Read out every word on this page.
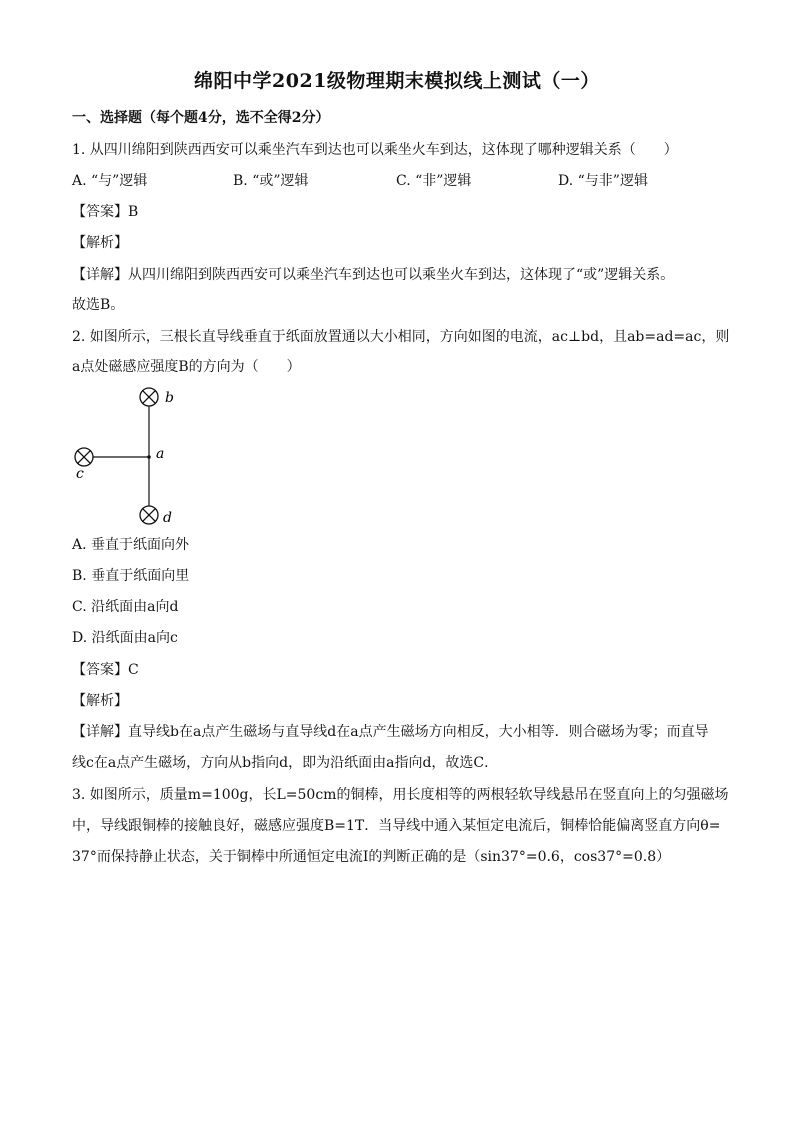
绵阳中学2021级物理期末模拟线上测试（一）
一、选择题（每个题4分，选不全得2分）
1. 从四川绵阳到陕西西安可以乘坐汽车到达也可以乘坐火车到达，这体现了哪种逻辑关系（　　）
A. “与”逻辑	B. “或”逻辑	C. “非”逻辑	D. “与非”逻辑
【答案】B
【解析】
【详解】从四川绵阳到陕西西安可以乘坐汽车到达也可以乘坐火车到达，这体现了“或”逻辑关系。
故选B。
2. 如图所示，三根长直导线垂直于纸面放置通以大小相同，方向如图的电流，ac⊥bd，且ab=ad=ac，则
a点处磁感应强度B的方向为（　　）
b
a
c
d
A. 垂直于纸面向外
B. 垂直于纸面向里
C. 沿纸面由a向d
D. 沿纸面由a向c
【答案】C
【解析】
【详解】直导线b在a点产生磁场与直导线d在a点产生磁场方向相反，大小相等．则合磁场为零；而直导
线c在a点产生磁场，方向从b指向d，即为沿纸面由a指向d，故选C．
3. 如图所示，质量m=100g，长L=50cm的铜棒，用长度相等的两根轻软导线悬吊在竖直向上的匀强磁场
中，导线跟铜棒的接触良好，磁感应强度B=1T．当导线中通入某恒定电流后，铜棒恰能偏离竖直方向θ=
37°而保持静止状态，关于铜棒中所通恒定电流I的判断正确的是（sin37°=0.6，cos37°=0.8）
